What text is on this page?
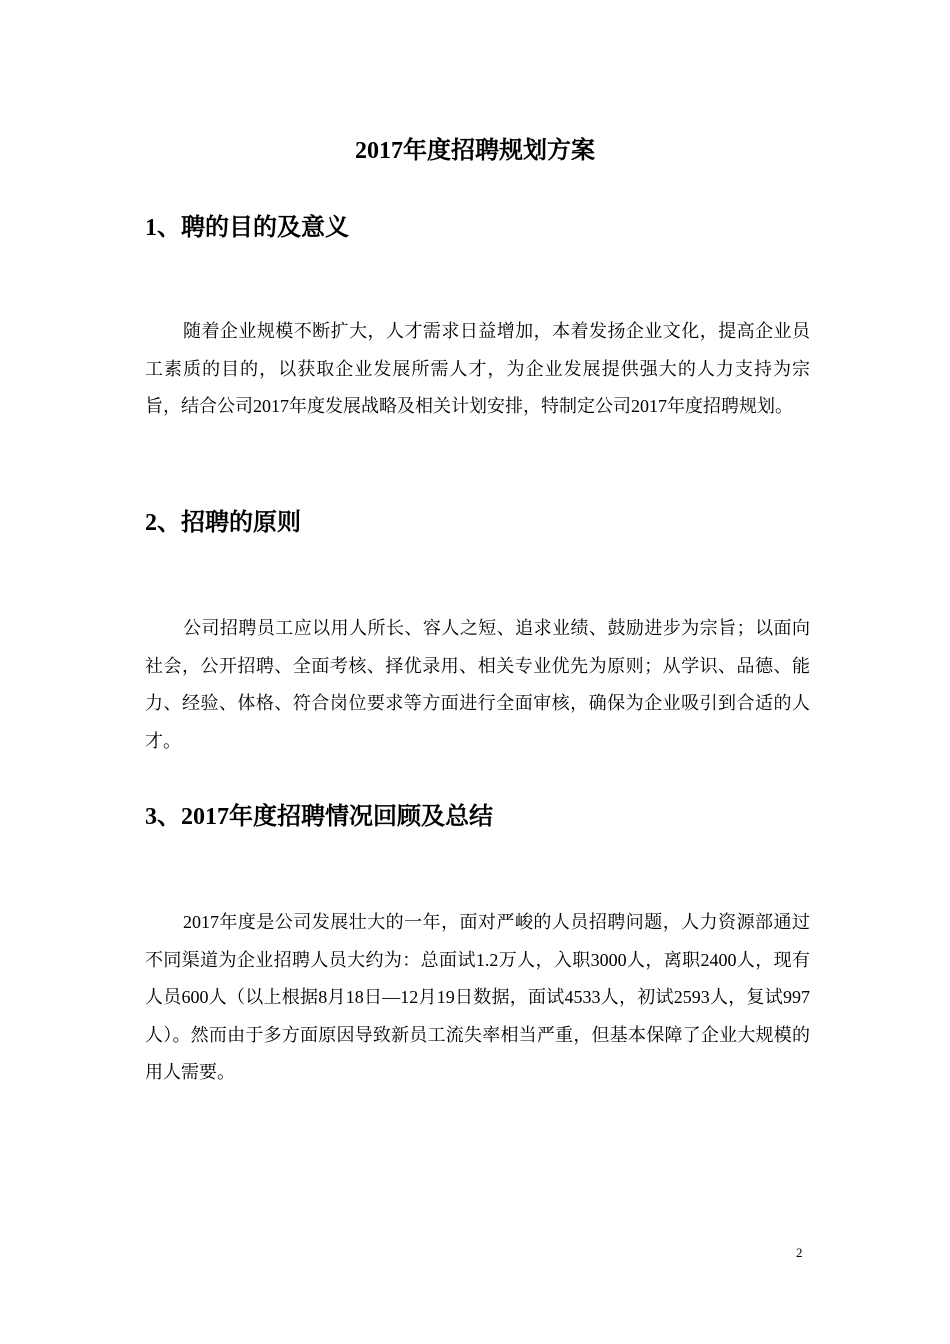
2017年度招聘规划方案
1、聘的目的及意义

随着企业规模不断扩大，人才需求日益增加，本着发扬企业文化，提高企业员工素质的目的，以获取企业发展所需人才，为企业发展提供强大的人力支持为宗旨，结合公司2017年度发展战略及相关计划安排，特制定公司2017年度招聘规划。

2、招聘的原则

公司招聘员工应以用人所长、容人之短、追求业绩、鼓励进步为宗旨；以面向社会，公开招聘、全面考核、择优录用、相关专业优先为原则；从学识、品德、能力、经验、体格、符合岗位要求等方面进行全面审核，确保为企业吸引到合适的人才。

3、2017年度招聘情况回顾及总结

2017年度是公司发展壮大的一年，面对严峻的人员招聘问题，人力资源部通过不同渠道为企业招聘人员大约为：总面试1.2万人，入职3000人，离职2400人，现有人员600人（以上根据8月18日—12月19日数据，面试4533人，初试2593人，复试997人）。然而由于多方面原因导致新员工流失率相当严重，但基本保障了企业大规模的用人需要。

2
